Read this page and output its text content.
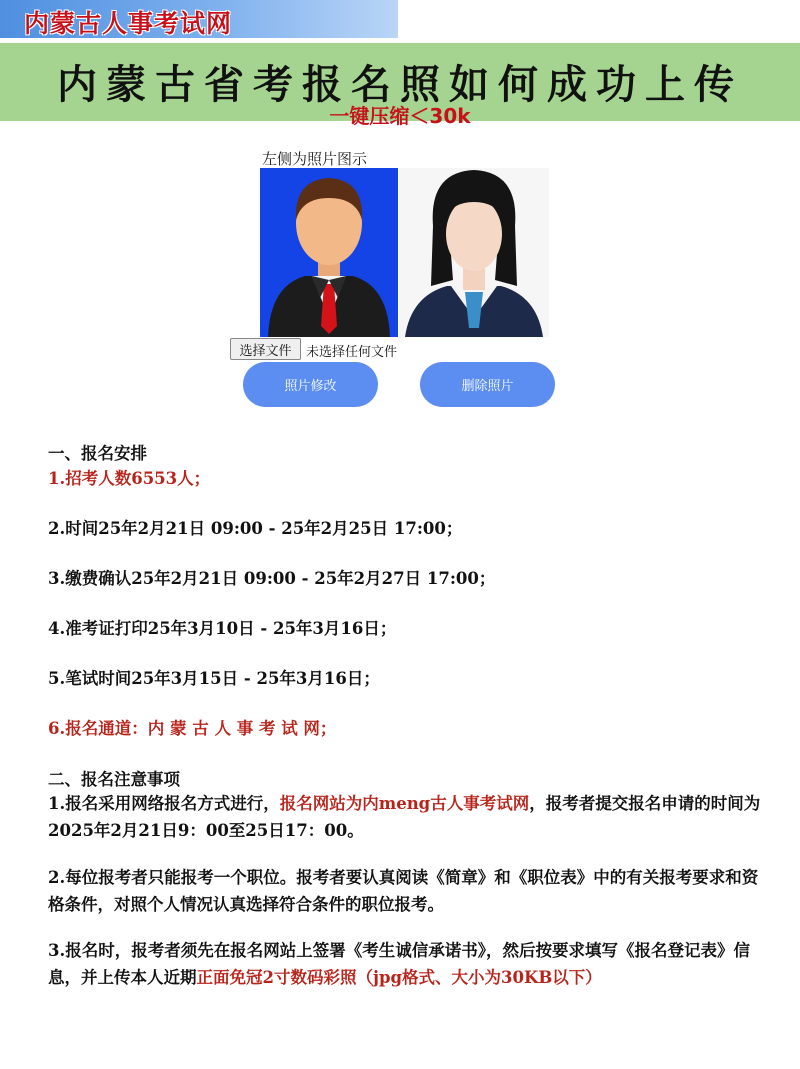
内蒙古人事考试网
内蒙古省考报名照如何成功上传
一键压缩＜30k
左侧为照片图示
选择文件	未选择任何文件
照片修改	删除照片
一、报名安排
1.招考人数6553人；
2.时间25年2月21日 09:00 - 25年2月25日 17:00；
3.缴费确认25年2月21日 09:00 - 25年2月27日 17:00；
4.准考证打印25年3月10日 - 25年3月16日；
5.笔试时间25年3月15日 - 25年3月16日；
6.报名通道：内 蒙 古 人 事 考 试 网；
二、报名注意事项
1.报名采用网络报名方式进行，报名网站为内meng古人事考试网，报考者提交报名申请的时间为2025年2月21日9：00至25日17：00。
2.每位报考者只能报考一个职位。报考者要认真阅读《简章》和《职位表》中的有关报考要求和资格条件，对照个人情况认真选择符合条件的职位报考。
3.报名时，报考者须先在报名网站上签署《考生诚信承诺书》，然后按要求填写《报名登记表》信息，并上传本人近期正面免冠2寸数码彩照（jpg格式、大小为30KB以下）
